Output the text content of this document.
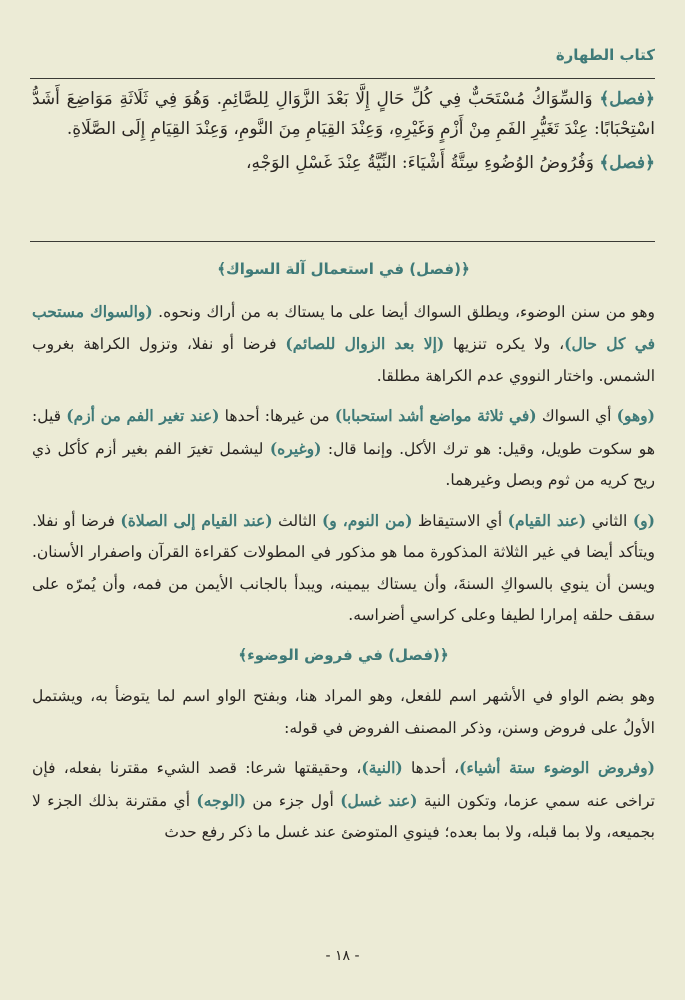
كتاب الطهارة

﴿فصل﴾ وَالسِّوَاكُ مُسْتَحَبٌّ فِي كُلِّ حَالٍ إِلَّا بَعْدَ الزَّوَالِ لِلصَّائِمِ. وَهُوَ فِي ثَلَاثَةِ مَوَاضِعَ أَشَدُّ اسْتِحْبَابًا: عِنْدَ تَغَيُّرِ الفَمِ مِنْ أَزْمٍ وَغَيْرِهِ، وَعِنْدَ القِيَامِ مِنَ النَّومِ، وَعِنْدَ القِيَامِ إِلَى الصَّلَاةِ.

﴿فصل﴾ وَفُرُوضُ الوُضُوءِ سِتَّةُ أَشْيَاءَ: النِّيَّةُ عِنْدَ غَسْلِ الوَجْهِ،

﴿(فصل) في استعمال آلة السواك﴾

وهو من سنن الوضوء، ويطلق السواك أيضا على ما يستاك به من أراك ونحوه. (والسواك مستحب في كل حال)، ولا يكره تنزيها (إلا بعد الزوال للصائم) فرضا أو نفلا، وتزول الكراهة بغروب الشمس. واختار النووي عدم الكراهة مطلقا.

(وهو) أي السواك (في ثلاثة مواضع أشد استحبابا) من غيرها: أحدها (عند تغير الفم من أزم) قيل: هو سكوت طويل، وقيل: هو ترك الأكل. وإنما قال: (وغيره) ليشمل تغيرَ الفم بغير أزم كأكل ذي ريح كريه من ثوم وبصل وغيرهما.

(و) الثاني (عند القيام) أي الاستيقاظ (من النوم، و) الثالث (عند القيام إلى الصلاة) فرضا أو نفلا. ويتأكد أيضا في غير الثلاثة المذكورة مما هو مذكور في المطولات كقراءة القرآن واصفرار الأسنان. ويسن أن ينوي بالسواكِ السنةَ، وأن يستاك بيمينه، ويبدأ بالجانب الأيمن من فمه، وأن يُمرّه على سقف حلقه إمرارا لطيفا وعلى كراسي أضراسه.

﴿(فصل) في فروض الوضوء﴾

وهو بضم الواو في الأشهر اسم للفعل، وهو المراد هنا، وبفتح الواو اسم لما يتوضأ به، ويشتمل الأولُ على فروض وسنن، وذكر المصنف الفروض في قوله:

(وفروض الوضوء ستة أشياء)، أحدها (النية)، وحقيقتها شرعا: قصد الشيء مقترنا بفعله، فإن تراخى عنه سمي عزما، وتكون النية (عند غسل) أول جزء من (الوجه) أي مقترنة بذلك الجزء لا بجميعه، ولا بما قبله، ولا بما بعده؛ فينوي المتوضئ عند غسل ما ذكر رفع حدث

- ١٨ -
